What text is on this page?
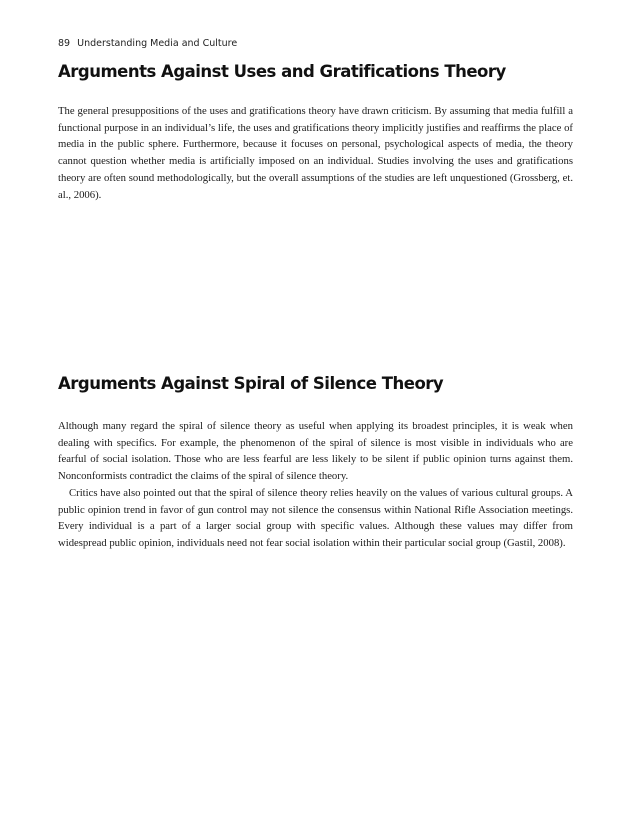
89 Understanding Media and Culture
Arguments Against Uses and Gratifications Theory

The general presuppositions of the uses and gratifications theory have drawn criticism. By assuming that media fulfill a functional purpose in an individual’s life, the uses and gratifications theory implicitly justifies and reaffirms the place of media in the public sphere. Furthermore, because it focuses on personal, psychological aspects of media, the theory cannot question whether media is artificially imposed on an individual. Studies involving the uses and gratifications theory are often sound methodologically, but the overall assumptions of the studies are left unquestioned (Grossberg, et. al., 2006).

Arguments Against Spiral of Silence Theory

Although many regard the spiral of silence theory as useful when applying its broadest principles, it is weak when dealing with specifics. For example, the phenomenon of the spiral of silence is most visible in individuals who are fearful of social isolation. Those who are less fearful are less likely to be silent if public opinion turns against them. Nonconformists contradict the claims of the spiral of silence theory.

Critics have also pointed out that the spiral of silence theory relies heavily on the values of various cultural groups. A public opinion trend in favor of gun control may not silence the consensus within National Rifle Association meetings. Every individual is a part of a larger social group with specific values. Although these values may differ from widespread public opinion, individuals need not fear social isolation within their particular social group (Gastil, 2008).
